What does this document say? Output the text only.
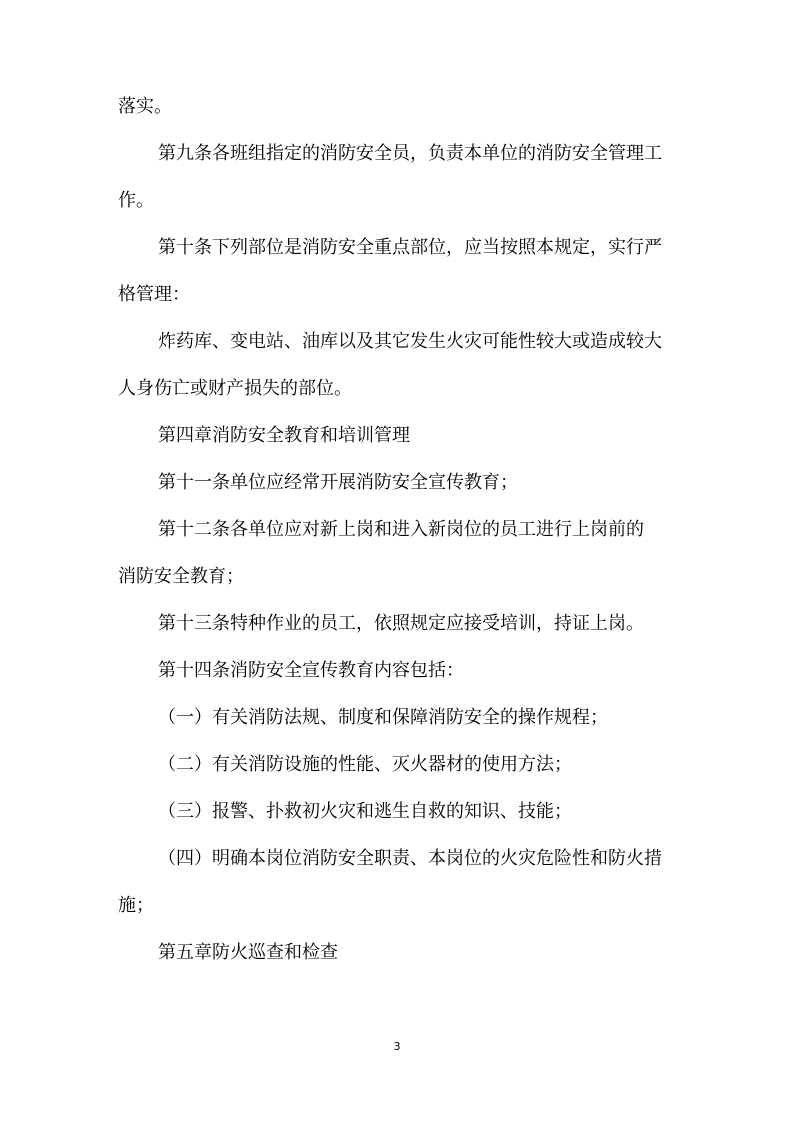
落实。
第九条各班组指定的消防安全员，负责本单位的消防安全管理工
作。
第十条下列部位是消防安全重点部位，应当按照本规定，实行严
格管理：
炸药库、变电站、油库以及其它发生火灾可能性较大或造成较大
人身伤亡或财产损失的部位。
第四章消防安全教育和培训管理
第十一条单位应经常开展消防安全宣传教育；
第十二条各单位应对新上岗和进入新岗位的员工进行上岗前的
消防安全教育；
第十三条特种作业的员工，依照规定应接受培训，持证上岗。
第十四条消防安全宣传教育内容包括：
（一）有关消防法规、制度和保障消防安全的操作规程；
（二）有关消防设施的性能、灭火器材的使用方法；
（三）报警、扑救初火灾和逃生自救的知识、技能；
（四）明确本岗位消防安全职责、本岗位的火灾危险性和防火措
施；
第五章防火巡查和检查
3
